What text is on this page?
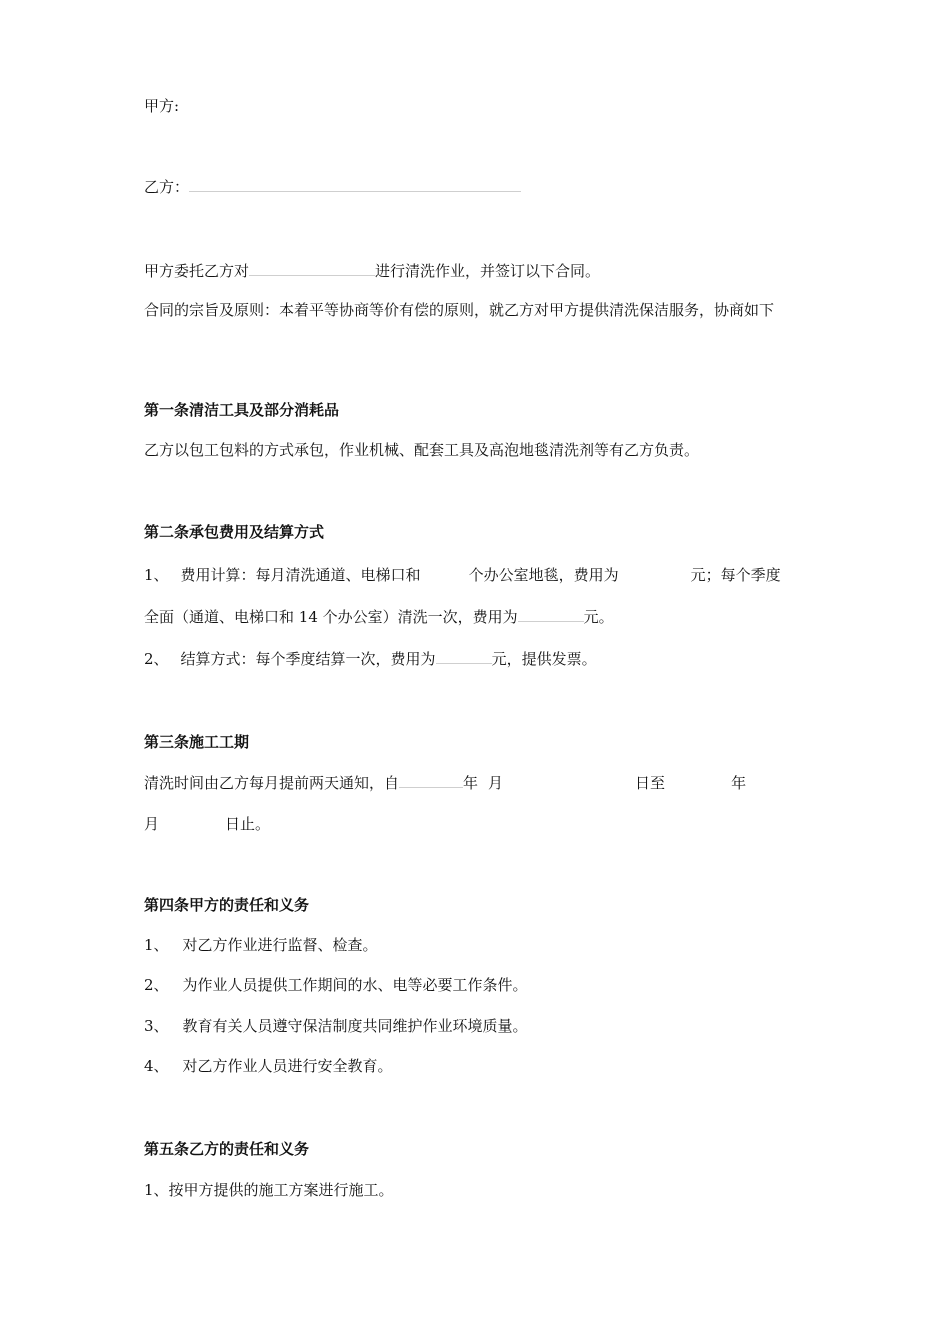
甲方:
乙方：
甲方委托乙方对	进行清洗作业，并签订以下合同。
合同的宗旨及原则：本着平等协商等价有偿的原则，就乙方对甲方提供清洗保洁服务，协商如下
第一条清洁工具及部分消耗品
乙方以包工包料的方式承包，作业机械、配套工具及高泡地毯清洗剂等有乙方负责。
第二条承包费用及结算方式
1、 费用计算：每月清洗通道、电梯口和	个办公室地毯，费用为	元；每个季度
全面（通道、电梯口和 14 个办公室）清洗一次，费用为	元。
2、 结算方式：每个季度结算一次，费用为	元，提供发票。
第三条施工工期
清洗时间由乙方每月提前两天通知，自	年 月	日至	年
月	日止。
第四条甲方的责任和义务
1、 对乙方作业进行监督、检查。
2、 为作业人员提供工作期间的水、电等必要工作条件。
3、 教育有关人员遵守保洁制度共同维护作业环境质量。
4、 对乙方作业人员进行安全教育。
第五条乙方的责任和义务
1、按甲方提供的施工方案进行施工。
